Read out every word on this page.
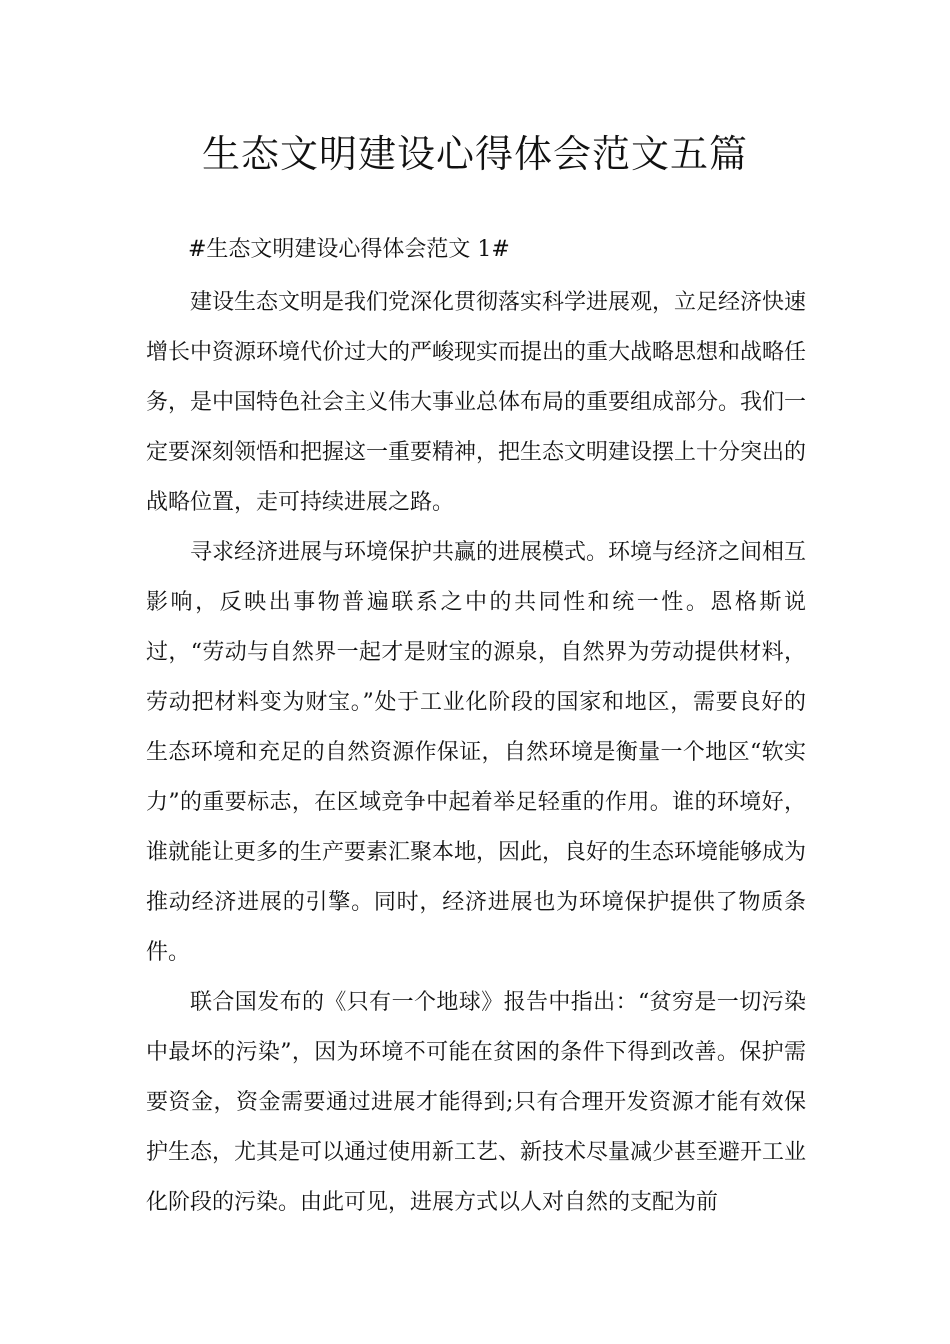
生态文明建设心得体会范文五篇

#生态文明建设心得体会范文 1#

建设生态文明是我们党深化贯彻落实科学进展观，立足经济快速增长中资源环境代价过大的严峻现实而提出的重大战略思想和战略任务，是中国特色社会主义伟大事业总体布局的重要组成部分。我们一定要深刻领悟和把握这一重要精神，把生态文明建设摆上十分突出的战略位置，走可持续进展之路。

寻求经济进展与环境保护共赢的进展模式。环境与经济之间相互影响，反映出事物普遍联系之中的共同性和统一性。恩格斯说过，“劳动与自然界一起才是财宝的源泉，自然界为劳动提供材料，劳动把材料变为财宝。”处于工业化阶段的国家和地区，需要良好的生态环境和充足的自然资源作保证，自然环境是衡量一个地区“软实力”的重要标志，在区域竞争中起着举足轻重的作用。谁的环境好，谁就能让更多的生产要素汇聚本地，因此，良好的生态环境能够成为推动经济进展的引擎。同时，经济进展也为环境保护提供了物质条件。

联合国发布的《只有一个地球》报告中指出：“贫穷是一切污染中最坏的污染”，因为环境不可能在贫困的条件下得到改善。保护需要资金，资金需要通过进展才能得到;只有合理开发资源才能有效保护生态，尤其是可以通过使用新工艺、新技术尽量减少甚至避开工业化阶段的污染。由此可见，进展方式以人对自然的支配为前
